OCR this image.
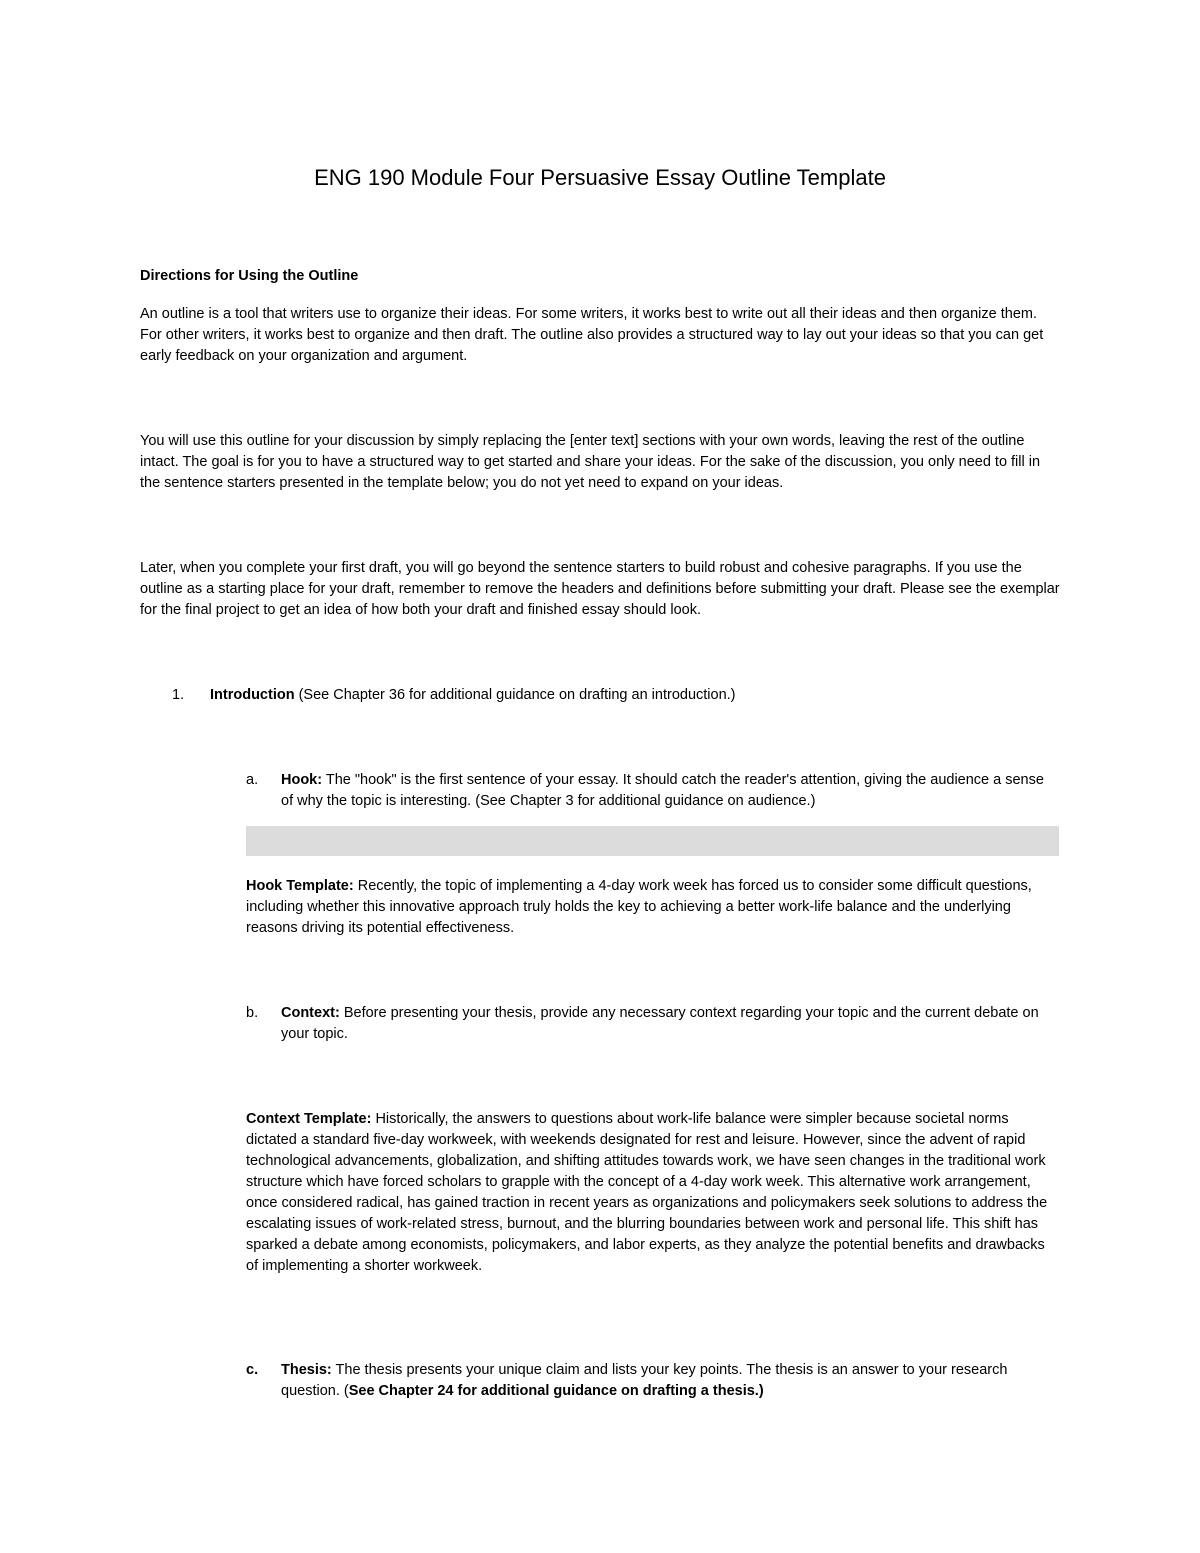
ENG 190 Module Four Persuasive Essay Outline Template
Directions for Using the Outline
An outline is a tool that writers use to organize their ideas. For some writers, it works best to write out all their ideas and then organize them. For other writers, it works best to organize and then draft. The outline also provides a structured way to lay out your ideas so that you can get early feedback on your organization and argument.
You will use this outline for your discussion by simply replacing the [enter text] sections with your own words, leaving the rest of the outline intact. The goal is for you to have a structured way to get started and share your ideas. For the sake of the discussion, you only need to fill in the sentence starters presented in the template below; you do not yet need to expand on your ideas.
Later, when you complete your first draft, you will go beyond the sentence starters to build robust and cohesive paragraphs. If you use the outline as a starting place for your draft, remember to remove the headers and definitions before submitting your draft. Please see the exemplar for the final project to get an idea of how both your draft and finished essay should look.
1. Introduction (See Chapter 36 for additional guidance on drafting an introduction.)
a.	Hook: The "hook" is the first sentence of your essay. It should catch the reader's attention, giving the audience a sense of why the topic is interesting. (See Chapter 3 for additional guidance on audience.)
Hook Template: Recently, the topic of implementing a 4-day work week has forced us to consider some difficult questions, including whether this innovative approach truly holds the key to achieving a better work-life balance and the underlying reasons driving its potential effectiveness.
b.	Context: Before presenting your thesis, provide any necessary context regarding your topic and the current debate on your topic.
Context Template: Historically, the answers to questions about work-life balance were simpler because societal norms dictated a standard five-day workweek, with weekends designated for rest and leisure. However, since the advent of rapid technological advancements, globalization, and shifting attitudes towards work, we have seen changes in the traditional work structure which have forced scholars to grapple with the concept of a 4-day work week. This alternative work arrangement, once considered radical, has gained traction in recent years as organizations and policymakers seek solutions to address the escalating issues of work-related stress, burnout, and the blurring boundaries between work and personal life. This shift has sparked a debate among economists, policymakers, and labor experts, as they analyze the potential benefits and drawbacks of implementing a shorter workweek.
c.	Thesis: The thesis presents your unique claim and lists your key points. The thesis is an answer to your research question. (See Chapter 24 for additional guidance on drafting a thesis.)
